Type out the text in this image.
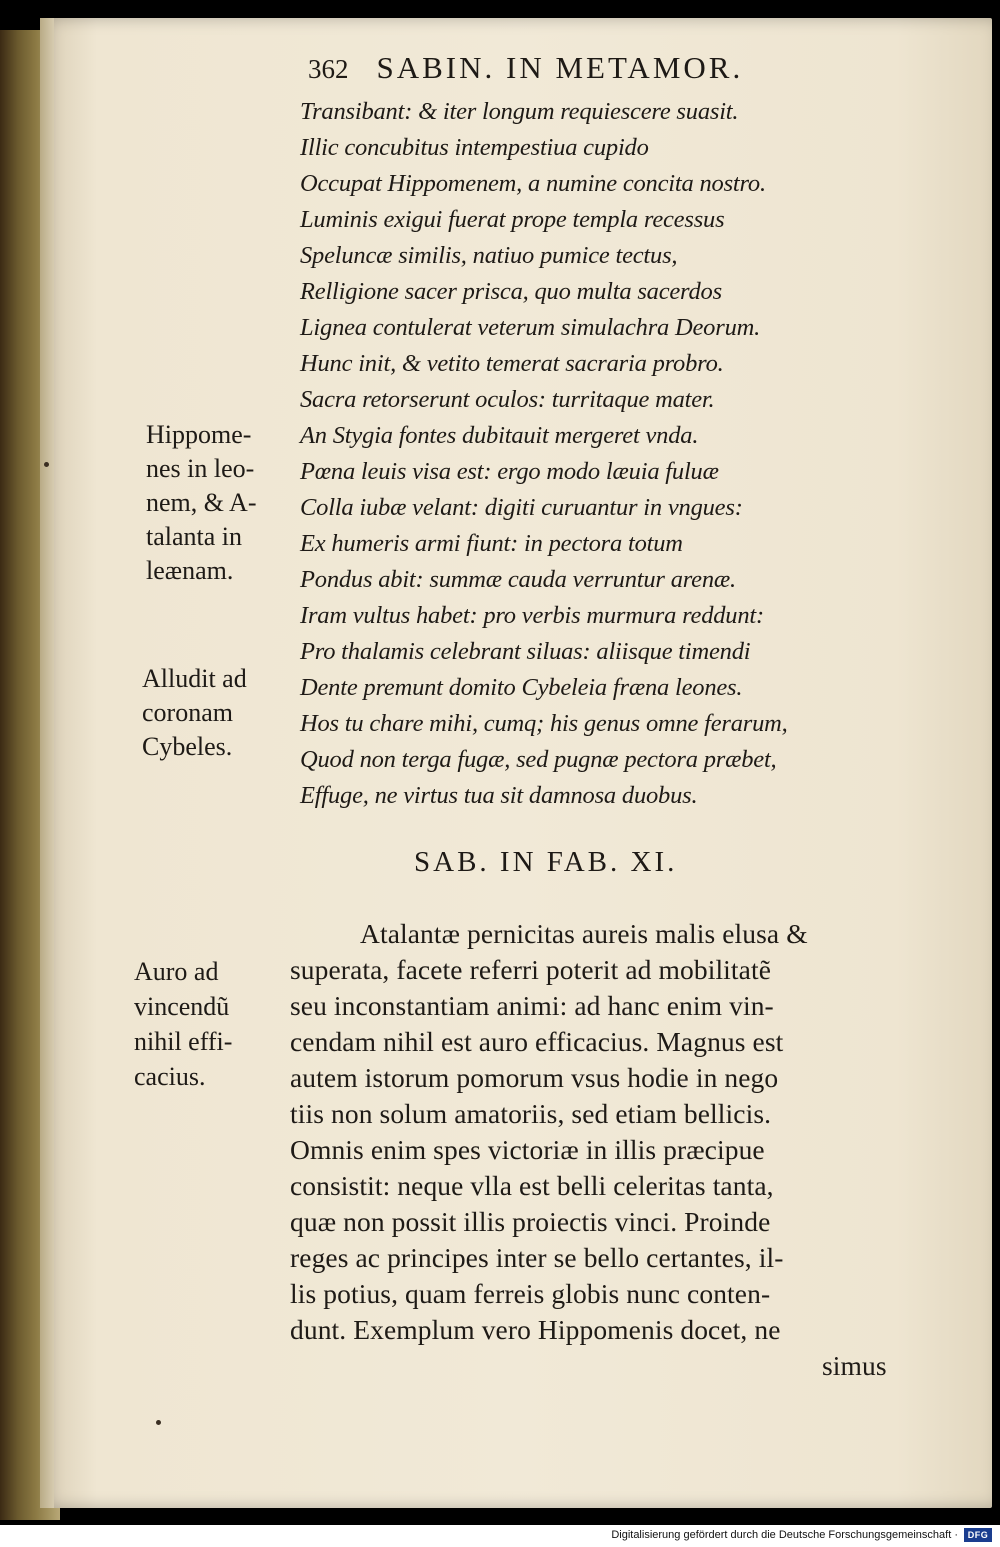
362 SABIN. IN METAMOR.
Transibant: & iter longum requiescere suasit.
Illic concubitus intempestiua cupido
Occupat Hippomenem, a numine concita nostro.
Luminis exigui fuerat prope templa recessus
Speluncæ similis, natiuo pumice tectus,
Relligione sacer prisca, quo multa sacerdos
Lignea contulerat veterum simulachra Deorum.
Hunc init, & vetito temerat sacraria probro.
Sacra retorserunt oculos: turritaque mater.
An Stygia fontes dubitauit mergeret vnda.
Pœna leuis visa est: ergo modo læuia fuluæ
Colla iubæ velant: digiti curuantur in vngues:
Ex humeris armi fiunt: in pectora totum
Pondus abit: summæ cauda verruntur arenæ.
Iram vultus habet: pro verbis murmura reddunt:
Pro thalamis celebrant siluas: aliisque timendi
Dente premunt domito Cybeleia fræna leones.
Hos tu chare mihi, cumq; his genus omne ferarum,
Quod non terga fugæ, sed pugnæ pectora præbet,
Effuge, ne virtus tua sit damnosa duobus.
Hippome-
nes in leo-
nem, & A-
talanta in
leænam.
Alludit ad
coronam
Cybeles.
Auro ad
vincendũ
nihil effi-
cacius.
SAB. IN FAB. XI.
Atalantæ pernicitas aureis malis elusa &
superata, facete referri poterit ad mobilitatẽ
seu inconstantiam animi: ad hanc enim vin-
cendam nihil est auro efficacius. Magnus est
autem istorum pomorum vsus hodie in nego
tiis non solum amatoriis, sed etiam bellicis.
Omnis enim spes victoriæ in illis præcipue
consistit: neque vlla est belli celeritas tanta,
quæ non possit illis proiectis vinci. Proinde
reges ac principes inter se bello certantes, il-
lis potius, quam ferreis globis nunc conten-
dunt. Exemplum vero Hippomenis docet, ne
simus
Digitalisierung gefördert durch die Deutsche Forschungsgemeinschaft ·	DFG
